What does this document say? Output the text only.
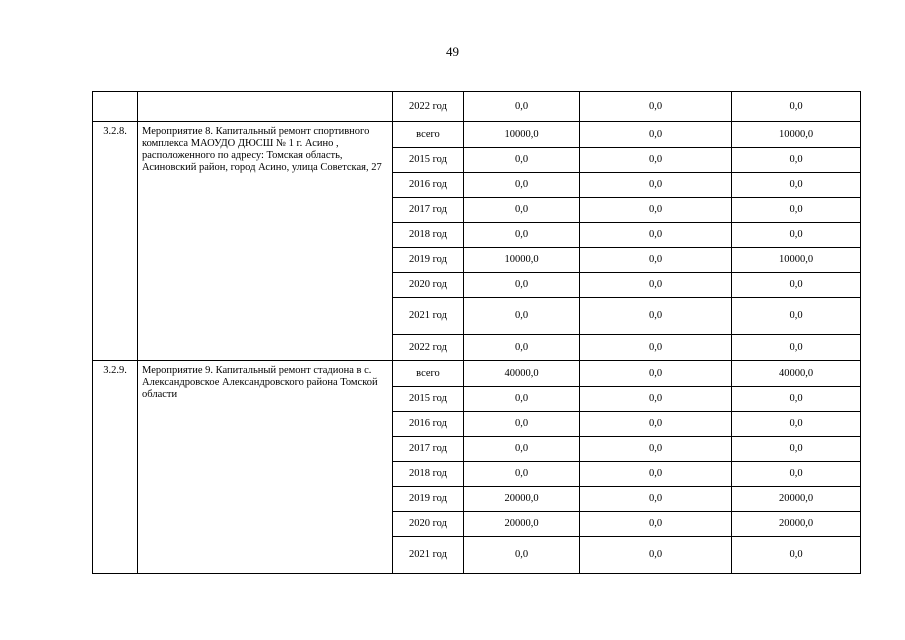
49
		2022 год	0,0	0,0	0,0
3.2.8.	Мероприятие 8. Капитальный ремонт спортивного комплекса МАОУДО ДЮСШ № 1 г. Асино , расположенного по адресу: Томская область, Асиновский район, город Асино, улица Советская, 27	всего	10000,0	0,0	10000,0
		2015 год	0,0	0,0	0,0
		2016 год	0,0	0,0	0,0
		2017 год	0,0	0,0	0,0
		2018 год	0,0	0,0	0,0
		2019 год	10000,0	0,0	10000,0
		2020 год	0,0	0,0	0,0
		2021 год	0,0	0,0	0,0
		2022 год	0,0	0,0	0,0
3.2.9.	Мероприятие 9. Капитальный ремонт стадиона в с. Александровское Александровского района Томской области	всего	40000,0	0,0	40000,0
		2015 год	0,0	0,0	0,0
		2016 год	0,0	0,0	0,0
		2017 год	0,0	0,0	0,0
		2018 год	0,0	0,0	0,0
		2019 год	20000,0	0,0	20000,0
		2020 год	20000,0	0,0	20000,0
		2021 год	0,0	0,0	0,0
